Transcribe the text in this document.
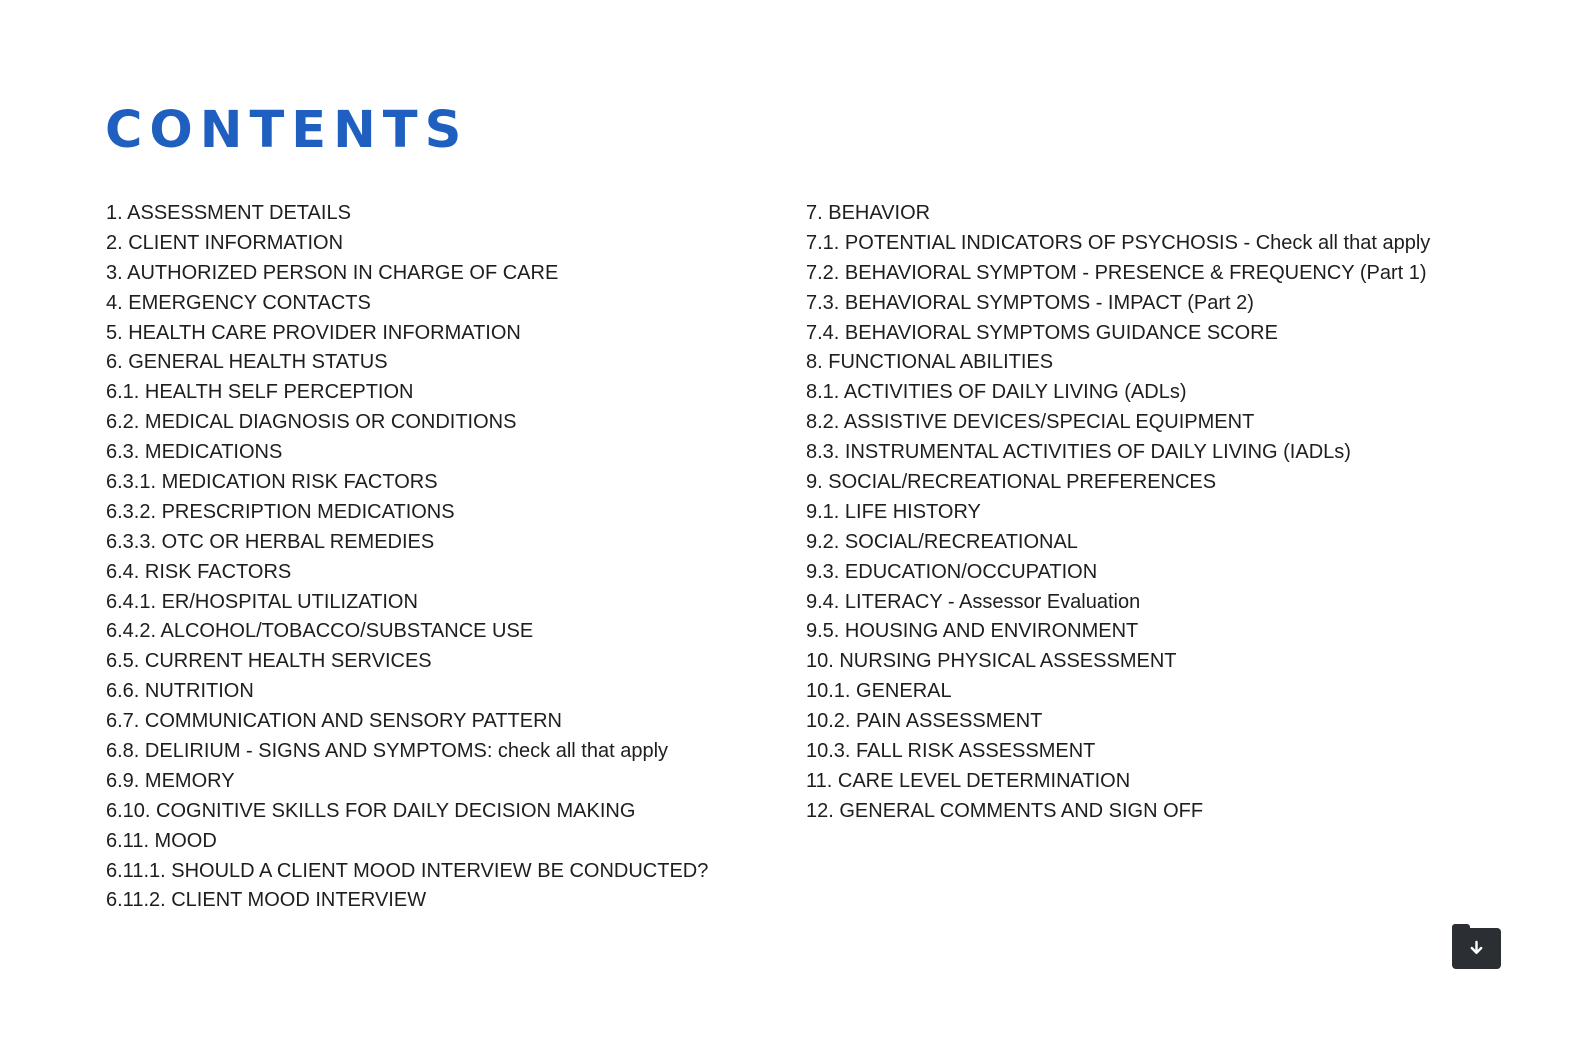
CONTENTS
1. ASSESSMENT DETAILS
2. CLIENT INFORMATION
3. AUTHORIZED PERSON IN CHARGE OF CARE
4. EMERGENCY CONTACTS
5. HEALTH CARE PROVIDER INFORMATION
6. GENERAL HEALTH STATUS
6.1. HEALTH SELF PERCEPTION
6.2. MEDICAL DIAGNOSIS OR CONDITIONS
6.3. MEDICATIONS
6.3.1. MEDICATION RISK FACTORS
6.3.2. PRESCRIPTION MEDICATIONS
6.3.3. OTC OR HERBAL REMEDIES
6.4. RISK FACTORS
6.4.1. ER/HOSPITAL UTILIZATION
6.4.2. ALCOHOL/TOBACCO/SUBSTANCE USE
6.5. CURRENT HEALTH SERVICES
6.6. NUTRITION
6.7. COMMUNICATION AND SENSORY PATTERN
6.8. DELIRIUM - SIGNS AND SYMPTOMS: check all that apply
6.9. MEMORY
6.10. COGNITIVE SKILLS FOR DAILY DECISION MAKING
6.11. MOOD
6.11.1. SHOULD A CLIENT MOOD INTERVIEW BE CONDUCTED?
6.11.2. CLIENT MOOD INTERVIEW
7. BEHAVIOR
7.1. POTENTIAL INDICATORS OF PSYCHOSIS - Check all that apply
7.2. BEHAVIORAL SYMPTOM - PRESENCE & FREQUENCY (Part 1)
7.3. BEHAVIORAL SYMPTOMS - IMPACT (Part 2)
7.4. BEHAVIORAL SYMPTOMS GUIDANCE SCORE
8. FUNCTIONAL ABILITIES
8.1. ACTIVITIES OF DAILY LIVING (ADLs)
8.2. ASSISTIVE DEVICES/SPECIAL EQUIPMENT
8.3. INSTRUMENTAL ACTIVITIES OF DAILY LIVING (IADLs)
9. SOCIAL/RECREATIONAL PREFERENCES
9.1. LIFE HISTORY
9.2. SOCIAL/RECREATIONAL
9.3. EDUCATION/OCCUPATION
9.4. LITERACY - Assessor Evaluation
9.5. HOUSING AND ENVIRONMENT
10. NURSING PHYSICAL ASSESSMENT
10.1. GENERAL
10.2. PAIN ASSESSMENT
10.3. FALL RISK ASSESSMENT
11. CARE LEVEL DETERMINATION
12. GENERAL COMMENTS AND SIGN OFF
